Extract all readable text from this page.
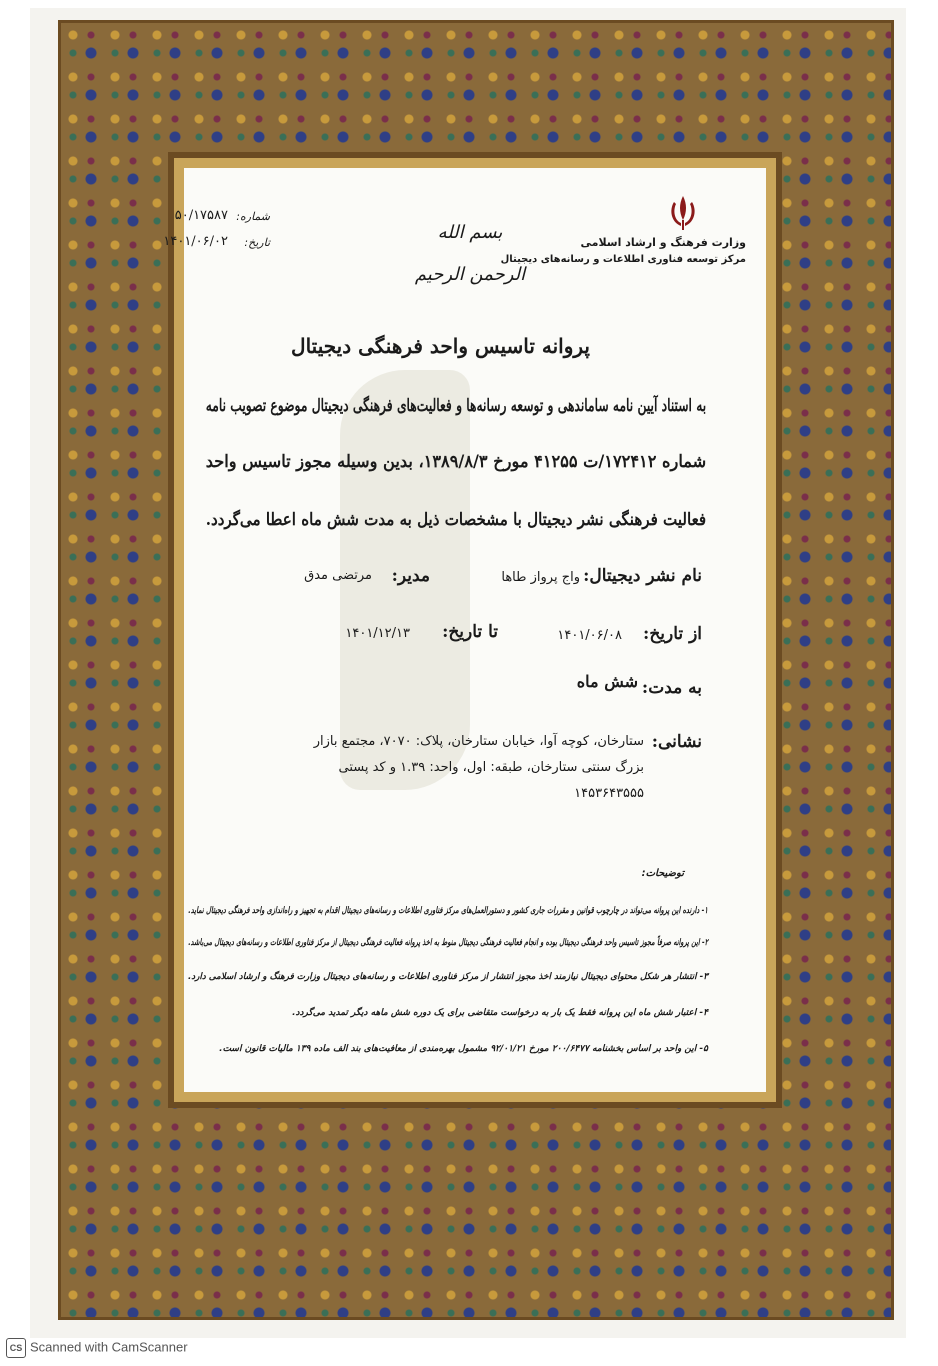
وزارت فرهنگ و ارشاد اسلامی
مرکز توسعه فناوری اطلاعات و رسانه‌های دیجیتال
بسم الله الرحمن الرحیم
شماره:
۵۰/۱۷۵۸۷
تاریخ:
۱۴۰۱/۰۶/۰۲
پروانه تاسیس واحد فرهنگی دیجیتال
به استناد آیین نامه ساماندهی و توسعه رسانه‌ها و فعالیت‌های فرهنگی دیجیتال موضوع تصویب نامه
شماره ۱۷۲۴۱۲/ت ۴۱۲۵۵ مورخ ۱۳۸۹/۸/۳، بدین وسیله مجوز تاسیس واحد
فعالیت فرهنگی نشر دیجیتال با مشخصات ذیل به مدت شش ماه اعطا می‌گردد.
نام نشر دیجیتال:
واج پرواز طاها
مدیر:
مرتضی مدق
از تاریخ:
۱۴۰۱/۰۶/۰۸
تا تاریخ:
۱۴۰۱/۱۲/۱۳
به مدت:
شش ماه
نشانی:
ستارخان، کوچه آوا، خیابان ستارخان، پلاک: ۷۰۷۰، مجتمع بازار
بزرگ سنتی ستارخان، طبقه: اول، واحد: ۱.۳۹ و کد پستی
۱۴۵۳۶۴۳۵۵۵
توضیحات:
۱- دارنده این پروانه می‌تواند در چارچوب قوانین و مقررات جاری کشور و دستورالعمل‌های مرکز فناوری اطلاعات و رسانه‌های دیجیتال اقدام به تجهیز و راه‌اندازی واحد فرهنگی دیجیتال نماید.
۲- این پروانه صرفاً مجوز تاسیس واحد فرهنگی دیجیتال بوده و انجام فعالیت فرهنگی دیجیتال منوط به اخذ پروانه فعالیت فرهنگی دیجیتال از مرکز فناوری اطلاعات و رسانه‌های دیجیتال می‌باشد.
۳- انتشار هر شکل محتوای دیجیتال نیازمند اخذ مجوز انتشار از مرکز فناوری اطلاعات و رسانه‌های دیجیتال وزارت فرهنگ و ارشاد اسلامی دارد.
۴- اعتبار شش ماه این پروانه فقط یک بار به درخواست متقاضی برای یک دوره شش ماهه دیگر تمدید می‌گردد.
۵- این واحد بر اساس بخشنامه ۲۰۰/۶۴۷۷ مورخ ۹۲/۰۱/۲۱ مشمول بهره‌مندی از معافیت‌های بند الف ماده ۱۳۹ مالیات قانون است.
CS Scanned with CamScanner
